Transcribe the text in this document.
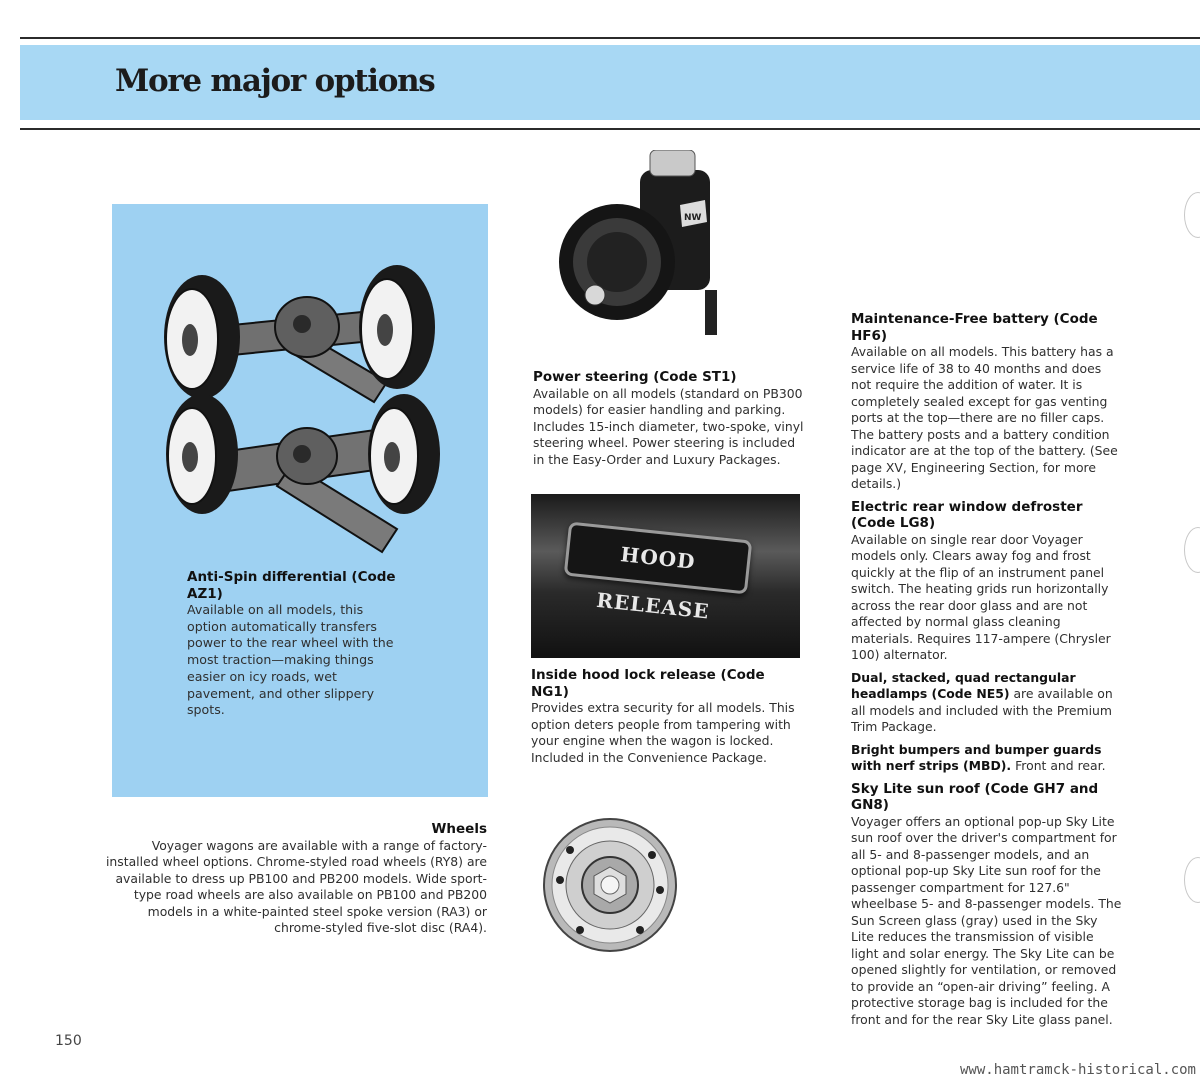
More major options

Anti-Spin differential (Code AZ1)

Available on all models, this option automatically transfers power to the rear wheel with the most traction—making things easier on icy roads, wet pavement, and other slippery spots.

Wheels

Voyager wagons are available with a range of factory-installed wheel options. Chrome-styled road wheels (RY8) are available to dress up PB100 and PB200 models. Wide sport-type road wheels are also available on PB100 and PB200 models in a white-painted steel spoke version (RA3) or chrome-styled five-slot disc (RA4).

NW

Power steering (Code ST1)

Available on all models (standard on PB300 models) for easier handling and parking. Includes 15-inch diameter, two-spoke, vinyl steering wheel. Power steering is included in the Easy-Order and Luxury Packages.

HOOD RELEASE

Inside hood lock release (Code NG1)

Provides extra security for all models. This option deters people from tampering with your engine when the wagon is locked. Included in the Convenience Package.

Maintenance-Free battery (Code HF6)

Available on all models. This battery has a service life of 38 to 40 months and does not require the addition of water. It is completely sealed except for gas venting ports at the top—there are no filler caps. The battery posts and a battery condition indicator are at the top of the battery. (See page XV, Engineering Section, for more details.)

Electric rear window defroster (Code LG8)

Available on single rear door Voyager models only. Clears away fog and frost quickly at the flip of an instrument panel switch. The heating grids run horizontally across the rear door glass and are not affected by normal glass cleaning materials. Requires 117-ampere (Chrysler 100) alternator.

Dual, stacked, quad rectangular headlamps (Code NE5) are available on all models and included with the Premium Trim Package.

Bright bumpers and bumper guards with nerf strips (MBD). Front and rear.

Sky Lite sun roof (Code GH7 and GN8)

Voyager offers an optional pop-up Sky Lite sun roof over the driver's compartment for all 5- and 8-passenger models, and an optional pop-up Sky Lite sun roof for the passenger compartment for 127.6" wheelbase 5- and 8-passenger models. The Sun Screen glass (gray) used in the Sky Lite reduces the transmission of visible light and solar energy. The Sky Lite can be opened slightly for ventilation, or removed to provide an “open-air driving” feeling. A protective storage bag is included for the front and for the rear Sky Lite glass panel.

150

www.hamtramck-historical.com
